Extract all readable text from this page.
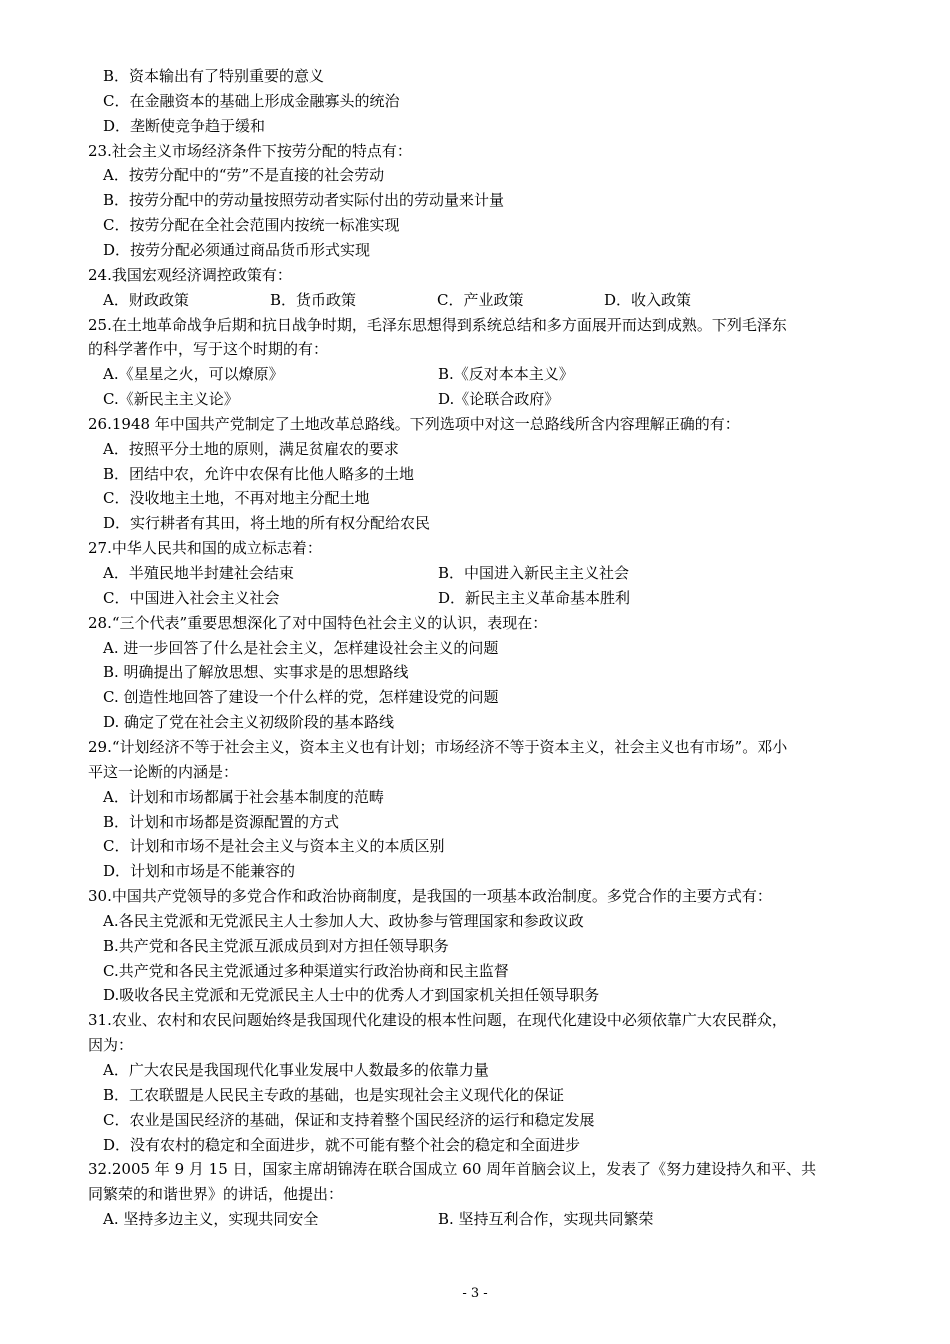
B．资本输出有了特别重要的意义
C．在金融资本的基础上形成金融寡头的统治
D．垄断使竞争趋于缓和
23.社会主义市场经济条件下按劳分配的特点有：
A．按劳分配中的“劳”不是直接的社会劳动
B．按劳分配中的劳动量按照劳动者实际付出的劳动量来计量
C．按劳分配在全社会范围内按统一标准实现
D．按劳分配必须通过商品货币形式实现
24.我国宏观经济调控政策有：
A．财政政策	B．货币政策	C．产业政策	D．收入政策
25.在土地革命战争后期和抗日战争时期，毛泽东思想得到系统总结和多方面展开而达到成熟。下列毛泽东
的科学著作中，写于这个时期的有：
A.《星星之火，可以燎原》	B.《反对本本主义》
C.《新民主主义论》	D.《论联合政府》
26.1948 年中国共产党制定了土地改革总路线。下列选项中对这一总路线所含内容理解正确的有：
A．按照平分土地的原则，满足贫雇农的要求
B．团结中农，允许中农保有比他人略多的土地
C．没收地主土地，不再对地主分配土地
D．实行耕者有其田，将土地的所有权分配给农民
27.中华人民共和国的成立标志着：
A．半殖民地半封建社会结束	B．中国进入新民主主义社会
C．中国进入社会主义社会	D．新民主主义革命基本胜利
28.“三个代表”重要思想深化了对中国特色社会主义的认识，表现在：
A. 进一步回答了什么是社会主义，怎样建设社会主义的问题
B. 明确提出了解放思想、实事求是的思想路线
C. 创造性地回答了建设一个什么样的党，怎样建设党的问题
D. 确定了党在社会主义初级阶段的基本路线
29.“计划经济不等于社会主义，资本主义也有计划；市场经济不等于资本主义，社会主义也有市场”。邓小
平这一论断的内涵是：
A．计划和市场都属于社会基本制度的范畴
B．计划和市场都是资源配置的方式
C．计划和市场不是社会主义与资本主义的本质区别
D．计划和市场是不能兼容的
30.中国共产党领导的多党合作和政治协商制度，是我国的一项基本政治制度。多党合作的主要方式有：
A.各民主党派和无党派民主人士参加人大、政协参与管理国家和参政议政
B.共产党和各民主党派互派成员到对方担任领导职务
C.共产党和各民主党派通过多种渠道实行政治协商和民主监督
D.吸收各民主党派和无党派民主人士中的优秀人才到国家机关担任领导职务
31.农业、农村和农民问题始终是我国现代化建设的根本性问题，在现代化建设中必须依靠广大农民群众，
因为：
A．广大农民是我国现代化事业发展中人数最多的依靠力量
B．工农联盟是人民民主专政的基础，也是实现社会主义现代化的保证
C．农业是国民经济的基础，保证和支持着整个国民经济的运行和稳定发展
D．没有农村的稳定和全面进步，就不可能有整个社会的稳定和全面进步
32.2005 年 9 月 15 日，国家主席胡锦涛在联合国成立 60 周年首脑会议上，发表了《努力建设持久和平、共
同繁荣的和谐世界》的讲话，他提出：
A. 坚持多边主义，实现共同安全	B. 坚持互利合作，实现共同繁荣
- 3 -
